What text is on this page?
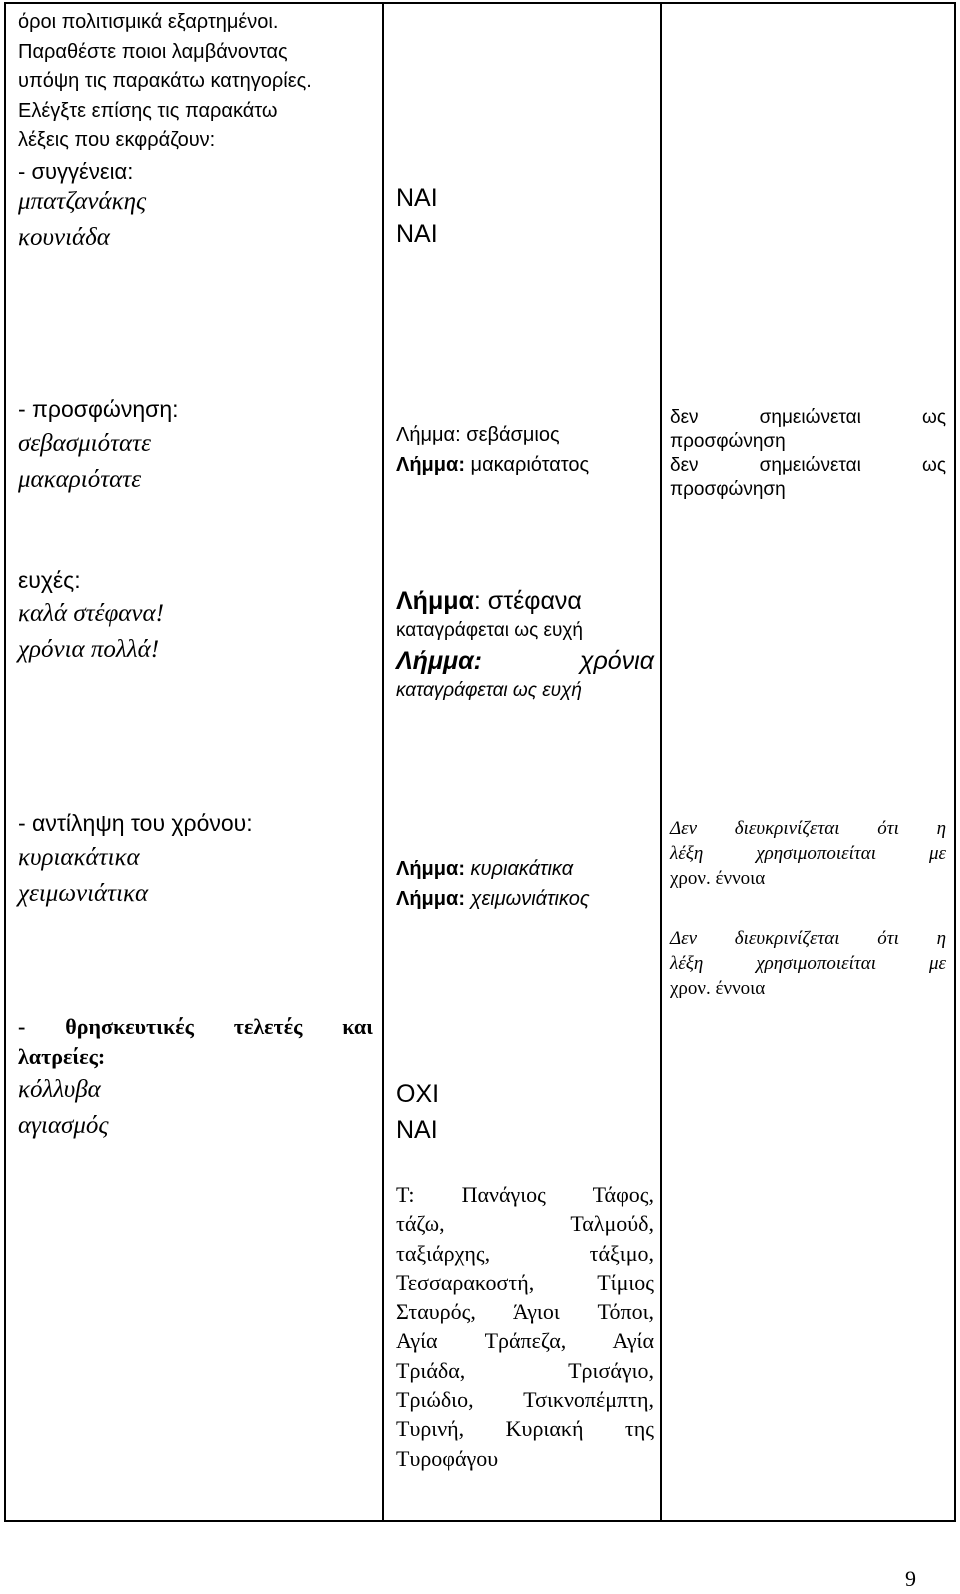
όροι πολιτισμικά εξαρτημένοι.
Παραθέστε ποιοι λαμβάνοντας
υπόψη τις παρακάτω κατηγορίες.
Ελέγξτε επίσης τις παρακάτω
λέξεις που εκφράζουν:
- συγγένεια:
μπατζανάκης
κουνιάδα
- προσφώνηση:
σεβασμιότατε
μακαριότατε
ευχές:
καλά στέφανα!
χρόνια πολλά!
- αντίληψη του χρόνου:
κυριακάτικα
χειμωνιάτικα
- θρησκευτικές τελετές και
λατρείες:
κόλλυβα
αγιασμός
ΝΑΙ
ΝΑΙ
Λήμμα: σεβάσμιος
Λήμμα: μακαριότατος
Λήμμα: στέφανα
καταγράφεται ως ευχή
Λήμμα:	χρόνια
καταγράφεται ως ευχή
Λήμμα: κυριακάτικα
Λήμμα: χειμωνιάτικος
ΟΧΙ
ΝΑΙ
Τ: Πανάγιος Τάφος,
τάζω, Ταλμούδ,
ταξιάρχης, τάξιμο,
Τεσσαρακοστή, Τίμιος
Σταυρός, Άγιοι Τόποι,
Αγία Τράπεζα, Αγία
Τριάδα, Τρισάγιο,
Τριώδιο, Τσικνοπέμπτη,
Τυρινή, Κυριακή της
Τυροφάγου
δεν σημειώνεται ως
προσφώνηση
δεν σημειώνεται ως
προσφώνηση
Δεν διευκρινίζεται ότι η
λέξη χρησιμοποιείται με
χρον. έννοια
Δεν διευκρινίζεται ότι η
λέξη χρησιμοποιείται με
χρον. έννοια
9
